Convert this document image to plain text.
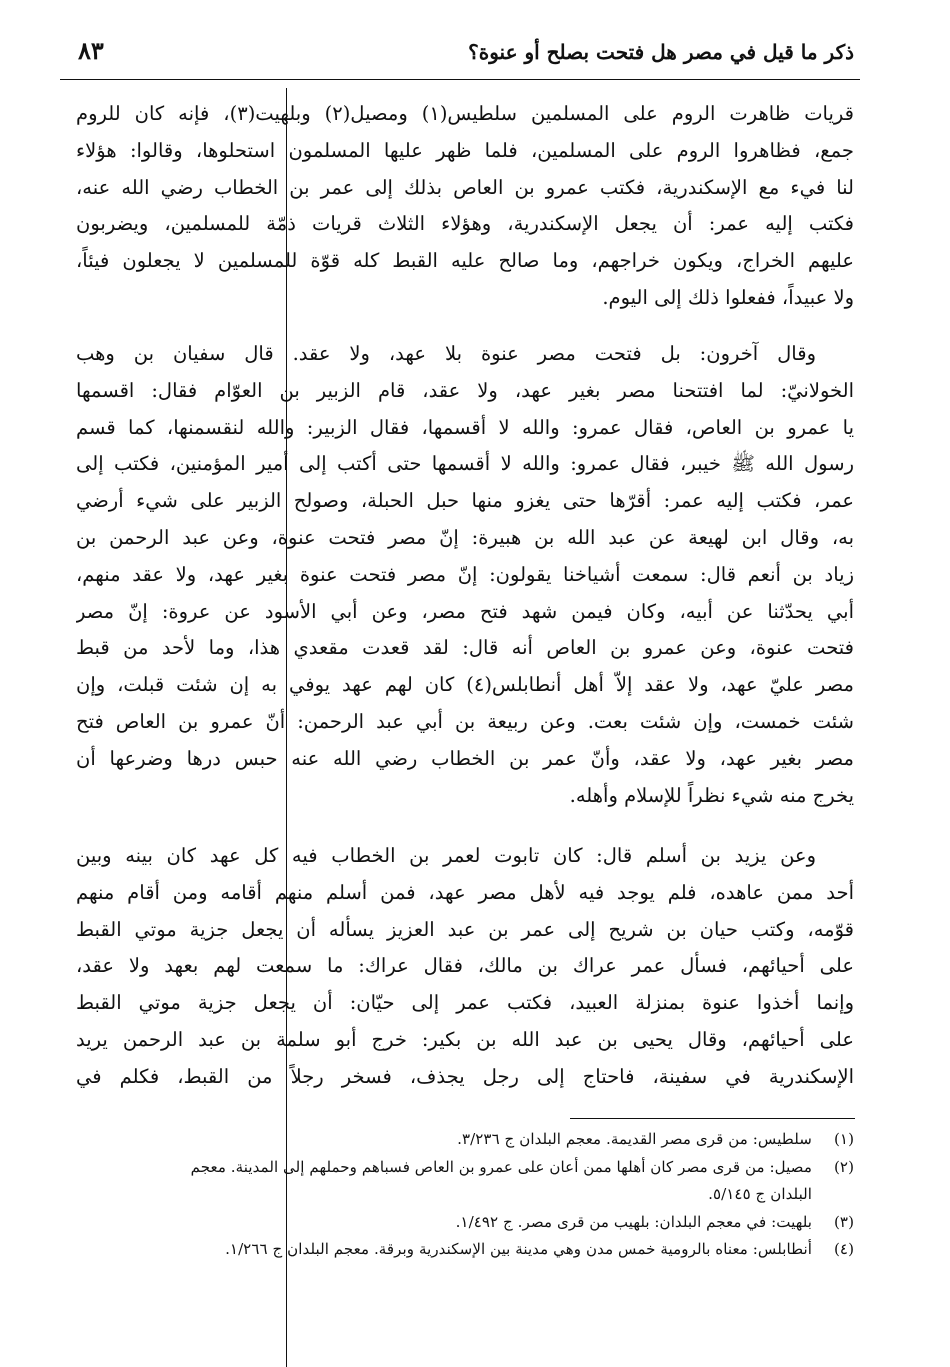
٨٣	ذكر ما قيل في مصر هل فتحت بصلح أو عنوة؟
قريات ظاهرت الروم على المسلمين سلطيس(١) ومصيل(٢) وبلهيت(٣)، فإنه كان للروم
جمع، فظاهروا الروم على المسلمين، فلما ظهر عليها المسلمون استحلوها، وقالوا: هؤلاء
لنا فيء مع الإسكندرية، فكتب عمرو بن العاص بذلك إلى عمر بن الخطاب رضي الله عنه،
فكتب إليه عمر: أن يجعل الإسكندرية، وهؤلاء الثلاث قريات ذمّة للمسلمين، ويضربون
عليهم الخراج، ويكون خراجهم، وما صالح عليه القبط كله قوّة للمسلمين لا يجعلون فيئاً،
ولا عبيداً، ففعلوا ذلك إلى اليوم.
وقال آخرون: بل فتحت مصر عنوة بلا عهد، ولا عقد. قال سفيان بن وهب
الخولانيّ: لما افتتحنا مصر بغير عهد، ولا عقد، قام الزبير بن العوّام فقال: اقسمها
يا عمرو بن العاص، فقال عمرو: والله لا أقسمها، فقال الزبير: والله لنقسمنها، كما قسم
رسول الله ﷺ خيبر، فقال عمرو: والله لا أقسمها حتى أكتب إلى أمير المؤمنين، فكتب إلى
عمر، فكتب إليه عمر: أقرّها حتى يغزو منها حبل الحبلة، وصولح الزبير على شيء أرضي
به، وقال ابن لهيعة عن عبد الله بن هبيرة: إنّ مصر فتحت عنوة، وعن عبد الرحمن بن
زياد بن أنعم قال: سمعت أشياخنا يقولون: إنّ مصر فتحت عنوة بغير عهد، ولا عقد منهم،
أبي يحدّثنا عن أبيه، وكان فيمن شهد فتح مصر، وعن أبي الأسود عن عروة: إنّ مصر
فتحت عنوة، وعن عمرو بن العاص أنه قال: لقد قعدت مقعدي هذا، وما لأحد من قبط
مصر عليّ عهد، ولا عقد إلاّ أهل أنطابلس(٤) كان لهم عهد يوفي به إن شئت قبلت، وإن
شئت خمست، وإن شئت بعت. وعن ربيعة بن أبي عبد الرحمن: أنّ عمرو بن العاص فتح
مصر بغير عهد، ولا عقد، وأنّ عمر بن الخطاب رضي الله عنه حبس درها وضرعها أن
يخرج منه شيء نظراً للإسلام وأهله.
وعن يزيد بن أسلم قال: كان تابوت لعمر بن الخطاب فيه كل عهد كان بينه وبين
أحد ممن عاهده، فلم يوجد فيه لأهل مصر عهد، فمن أسلم منهم أقامه ومن أقام منهم
قوّمه، وكتب حيان بن شريح إلى عمر بن عبد العزيز يسأله أن يجعل جزية موتي القبط
على أحيائهم، فسأل عمر عراك بن مالك، فقال عراك: ما سمعت لهم بعهد ولا عقد،
وإنما أخذوا عنوة بمنزلة العبيد، فكتب عمر إلى حيّان: أن يجعل جزية موتي القبط
على أحيائهم، وقال يحيى بن عبد الله بن بكير: خرج أبو سلمة بن عبد الرحمن يريد
الإسكندرية في سفينة، فاحتاج إلى رجل يجذف، فسخر رجلاً من القبط، فكلم في
(١)سلطيس: من قرى مصر القديمة. معجم البلدان ج ٣/٢٣٦.
(٢)مصيل: من قرى مصر كان أهلها ممن أعان على عمرو بن العاص فسباهم وحملهم إلى المدينة. معجم
البلدان ج ٥/١٤٥.
(٣)بلهيت: في معجم البلدان: بلهيب من قرى مصر. ج ١/٤٩٢.
(٤)أنطابلس: معناه بالرومية خمس مدن وهي مدينة بين الإسكندرية وبرقة. معجم البلدان ج ١/٢٦٦.
